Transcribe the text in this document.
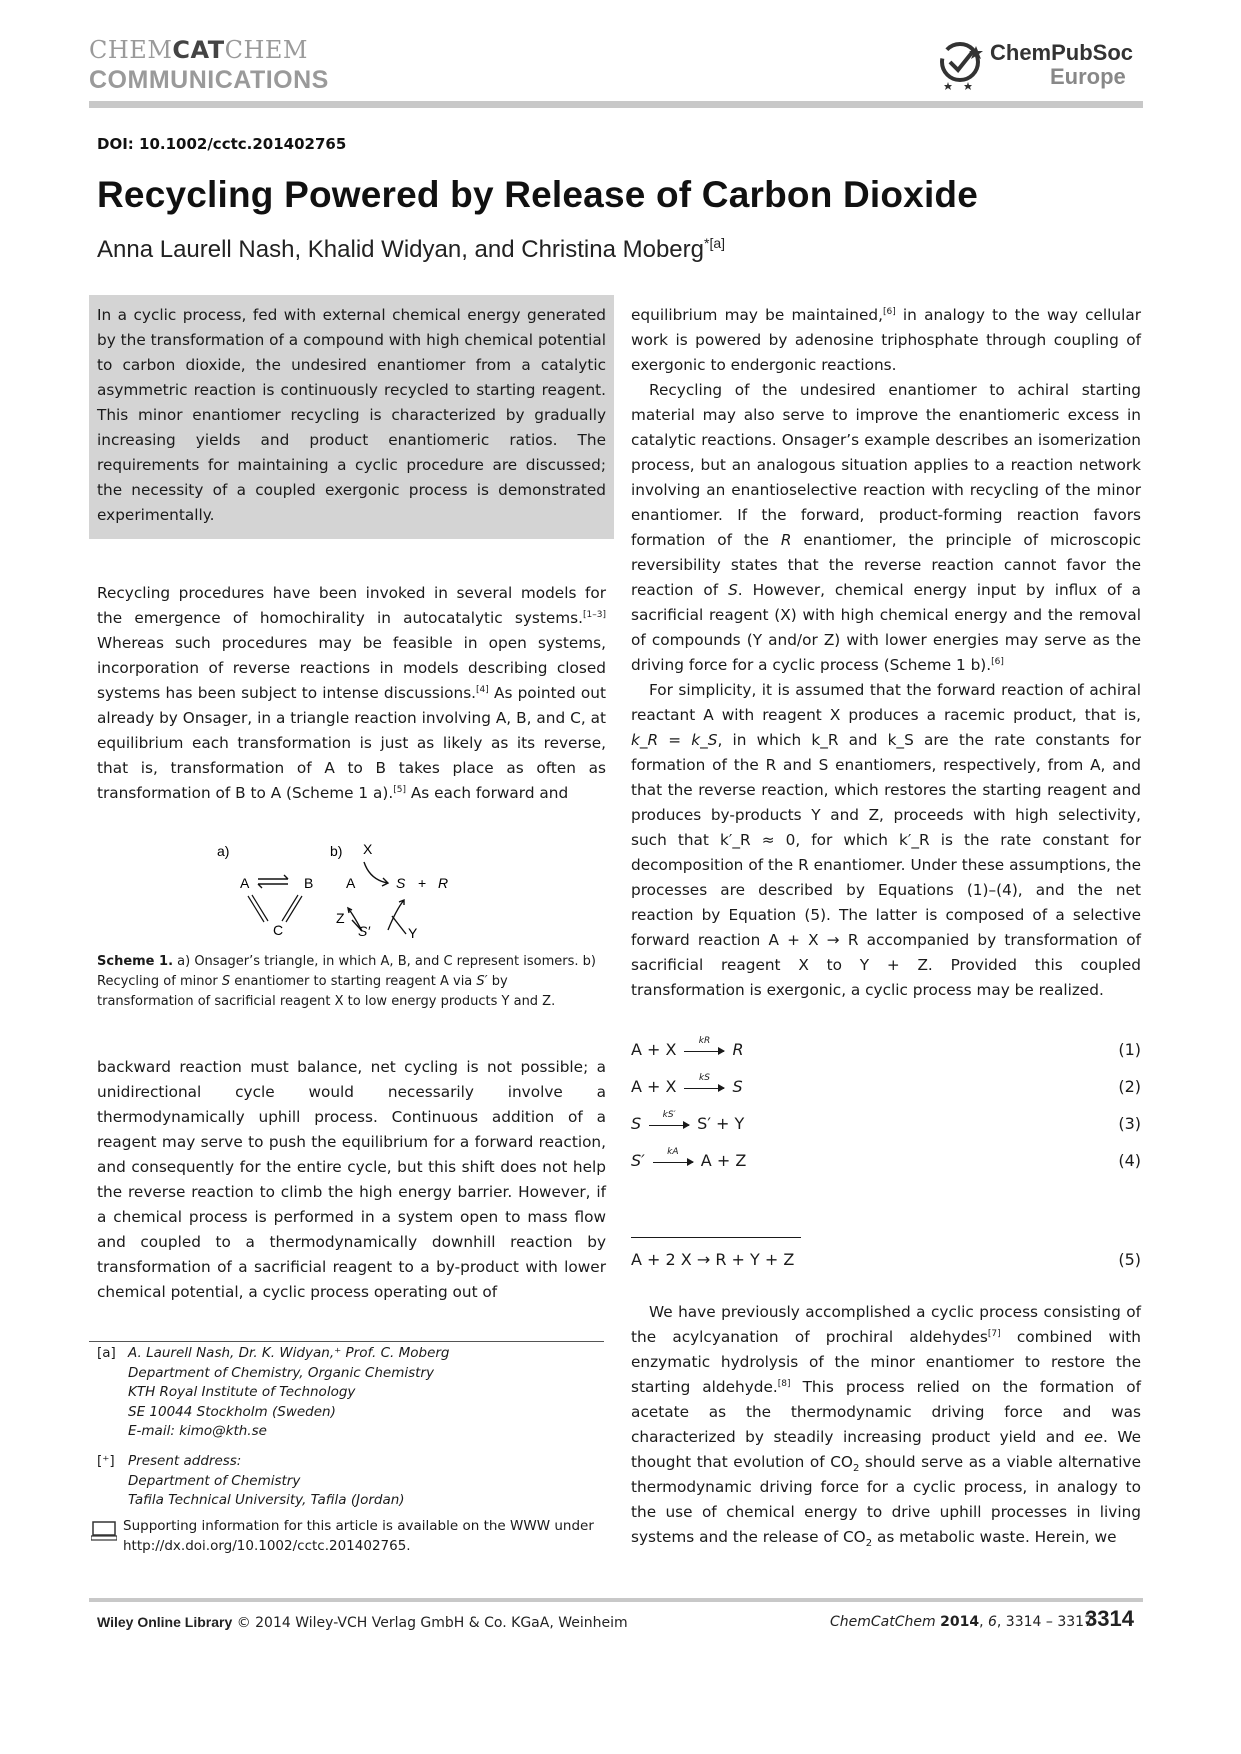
CHEMCATCHEM
COMMUNICATIONS
ChemPubSoc
Europe
DOI: 10.1002/cctc.201402765
Recycling Powered by Release of Carbon Dioxide
Anna Laurell Nash, Khalid Widyan, and Christina Moberg$^{*[a]}$
In a cyclic process, fed with external chemical energy generated by the transformation of a compound with high chemical potential to carbon dioxide, the undesired enantiomer from a catalytic asymmetric reaction is continuously recycled to starting reagent. This minor enantiomer recycling is characterized by gradually increasing yields and product enantiomeric ratios. The requirements for maintaining a cyclic procedure are discussed; the necessity of a coupled exergonic process is demonstrated experimentally.

Recycling procedures have been invoked in several models for the emergence of homochirality in autocatalytic systems.[1–3] Whereas such procedures may be feasible in open systems, incorporation of reverse reactions in models describing closed systems has been subject to intense discussions.[4] As pointed out already by Onsager, in a triangle reaction involving A, B, and C, at equilibrium each transformation is just as likely as its reverse, that is, transformation of A to B takes place as often as transformation of B to A (Scheme 1 a).[5] As each forward and

a)
A	B
C
b) X
A	S + R
Z
S′	Y
Scheme 1. a) Onsager’s triangle, in which A, B, and C represent isomers. b) Recycling of minor S enantiomer to starting reagent A via S′ by transformation of sacrificial reagent X to low energy products Y and Z.

backward reaction must balance, net cycling is not possible; a unidirectional cycle would necessarily involve a thermodynamically uphill process. Continuous addition of a reagent may serve to push the equilibrium for a forward reaction, and consequently for the entire cycle, but this shift does not help the reverse reaction to climb the high energy barrier. However, if a chemical process is performed in a system open to mass flow and coupled to a thermodynamically downhill reaction by transformation of a sacrificial reagent to a by-product with lower chemical potential, a cyclic process operating out of

[a] A. Laurell Nash, Dr. K. Widyan,⁺ Prof. C. Moberg
Department of Chemistry, Organic Chemistry
KTH Royal Institute of Technology
SE 10044 Stockholm (Sweden)
E-mail: kimo@kth.se
[⁺] Present address:
Department of Chemistry
Tafila Technical University, Tafila (Jordan)
Supporting information for this article is available on the WWW under http://dx.doi.org/10.1002/cctc.201402765.

equilibrium may be maintained,[6] in analogy to the way cellular work is powered by adenosine triphosphate through coupling of exergonic to endergonic reactions.

Recycling of the undesired enantiomer to achiral starting material may also serve to improve the enantiomeric excess in catalytic reactions. Onsager’s example describes an isomerization process, but an analogous situation applies to a reaction network involving an enantioselective reaction with recycling of the minor enantiomer. If the forward, product-forming reaction favors formation of the R enantiomer, the principle of microscopic reversibility states that the reverse reaction cannot favor the reaction of S. However, chemical energy input by influx of a sacrificial reagent (X) with high chemical energy and the removal of compounds (Y and/or Z) with lower energies may serve as the driving force for a cyclic process (Scheme 1 b).[6]

For simplicity, it is assumed that the forward reaction of achiral reactant A with reagent X produces a racemic product, that is, k_R = k_S, in which k_R and k_S are the rate constants for formation of the R and S enantiomers, respectively, from A, and that the reverse reaction, which restores the starting reagent and produces by-products Y and Z, proceeds with high selectivity, such that k′_R ≈ 0, for which k′_R is the rate constant for decomposition of the R enantiomer. Under these assumptions, the processes are described by Equations (1)–(4), and the net reaction by Equation (5). The latter is composed of a selective forward reaction A + X → R accompanied by transformation of sacrificial reagent X to Y + Z. Provided this coupled transformation is exergonic, a cyclic process may be realized.

A + X	kR	R	(1)
A + X	kS	S	(2)
S	kS′	S′ + Y	(3)
S′	kA	A + Z	(4)
A + 2 X → R + Y + Z	(5)

We have previously accomplished a cyclic process consisting of the acylcyanation of prochiral aldehydes[7] combined with enzymatic hydrolysis of the minor enantiomer to restore the starting aldehyde.[8] This process relied on the formation of acetate as the thermodynamic driving force and was characterized by steadily increasing product yield and ee. We thought that evolution of $CO_2$ should serve as a viable alternative thermodynamic driving force for a cyclic process, in analogy to the use of chemical energy to drive uphill processes in living systems and the release of $CO_2$ as metabolic waste. Herein, we

Wiley Online Library © 2014 Wiley-VCH Verlag GmbH & Co. KGaA, Weinheim	ChemCatChem 2014, 6, 3314 – 3317
3314
